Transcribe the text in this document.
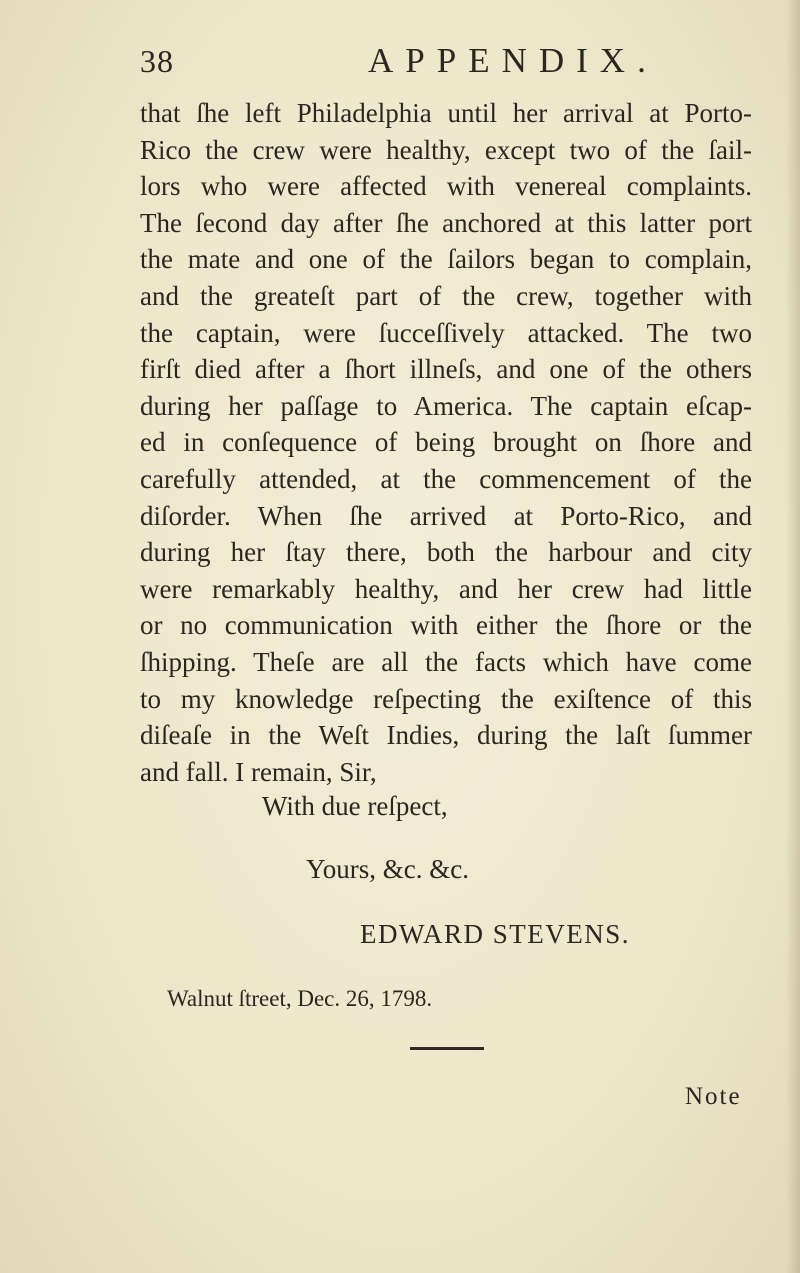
38	APPENDIX.
that ſhe left Philadelphia until her arrival at Porto-
Rico the crew were healthy, except two of the ſail-
lors who were affected with venereal complaints.
The ſecond day after ſhe anchored at this latter port
the mate and one of the ſailors began to complain,
and the greateſt part of the crew, together with
the captain, were ſucceſſively attacked. The two
firſt died after a ſhort illneſs, and one of the others
during her paſſage to America. The captain eſcap-
ed in conſequence of being brought on ſhore and
carefully attended, at the commencement of the
diſorder. When ſhe arrived at Porto-Rico, and
during her ſtay there, both the harbour and city
were remarkably healthy, and her crew had little
or no communication with either the ſhore or the
ſhipping. Theſe are all the facts which have come
to my knowledge reſpecting the exiſtence of this
diſeaſe in the Weſt Indies, during the laſt ſummer
and fall. I remain, Sir,
With due reſpect,
Yours, &c. &c.
EDWARD STEVENS.
Walnut ſtreet, Dec. 26, 1798.
Note
